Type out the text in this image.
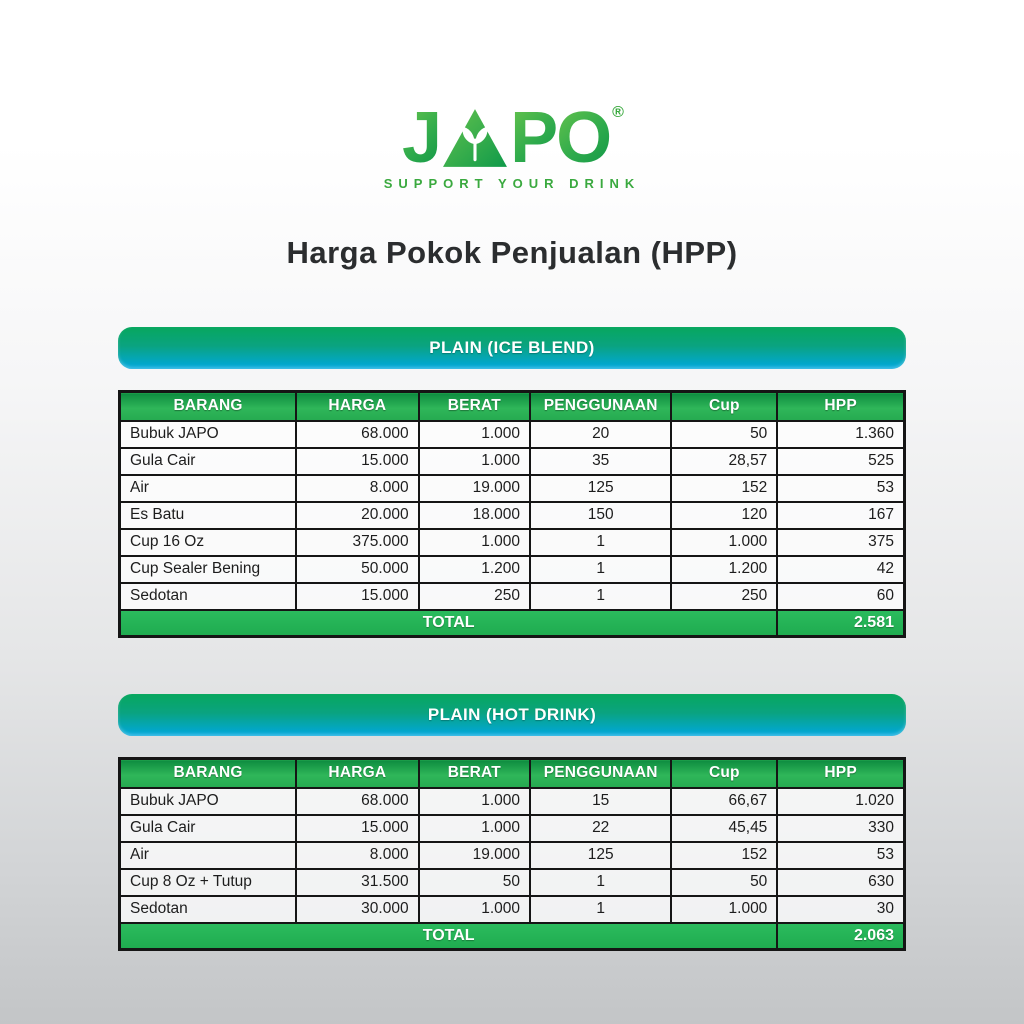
J P O ®
SUPPORT YOUR DRINK
Harga Pokok Penjualan (HPP)
PLAIN (ICE BLEND)
BARANG	HARGA	BERAT	PENGGUNAAN	Cup	HPP
Bubuk JAPO	68.000	1.000	20	50	1.360
Gula Cair	15.000	1.000	35	28,57	525
Air	8.000	19.000	125	152	53
Es Batu	20.000	18.000	150	120	167
Cup 16 Oz	375.000	1.000	1	1.000	375
Cup Sealer Bening	50.000	1.200	1	1.200	42
Sedotan	15.000	250	1	250	60
TOTAL					2.581
PLAIN (HOT DRINK)
BARANG	HARGA	BERAT	PENGGUNAAN	Cup	HPP
Bubuk JAPO	68.000	1.000	15	66,67	1.020
Gula Cair	15.000	1.000	22	45,45	330
Air	8.000	19.000	125	152	53
Cup 8 Oz + Tutup	31.500	50	1	50	630
Sedotan	30.000	1.000	1	1.000	30
TOTAL					2.063
